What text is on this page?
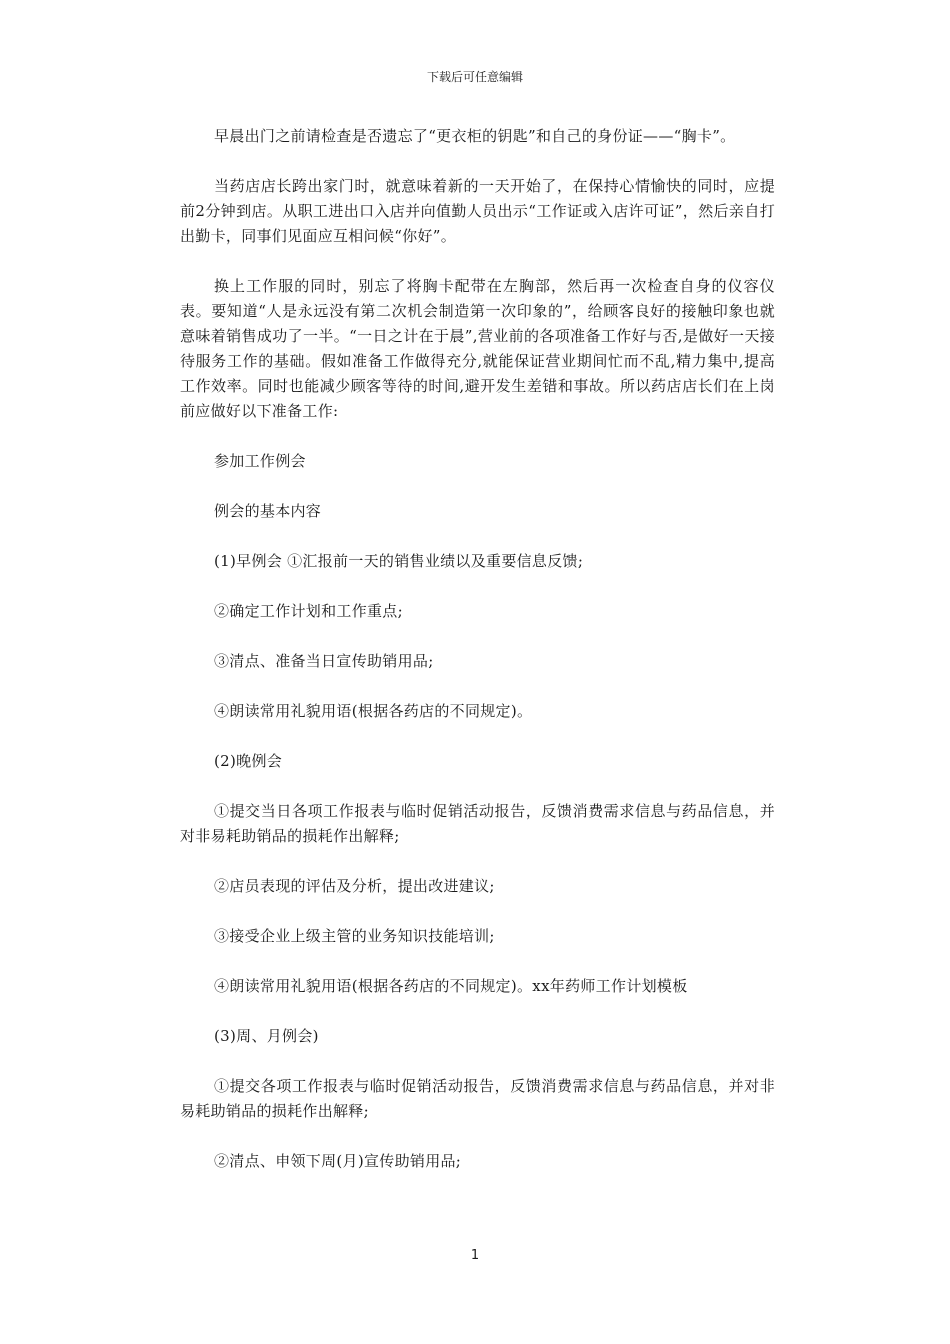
下载后可任意编辑

早晨出门之前请检查是否遗忘了“更衣柜的钥匙”和自己的身份证——“胸卡”。

当药店店长跨出家门时，就意味着新的一天开始了，在保持心情愉快的同时，应提前2分钟到店。从职工进出口入店并向值勤人员出示“工作证或入店许可证”，然后亲自打出勤卡，同事们见面应互相问候“你好”。

换上工作服的同时，别忘了将胸卡配带在左胸部，然后再一次检查自身的仪容仪表。要知道“人是永远没有第二次机会制造第一次印象的”，给顾客良好的接触印象也就意味着销售成功了一半。“一日之计在于晨”,营业前的各项准备工作好与否,是做好一天接待服务工作的基础。假如准备工作做得充分,就能保证营业期间忙而不乱,精力集中,提高工作效率。同时也能减少顾客等待的时间,避开发生差错和事故。所以药店店长们在上岗前应做好以下准备工作:

参加工作例会

例会的基本内容

(1)早例会 ①汇报前一天的销售业绩以及重要信息反馈;

②确定工作计划和工作重点;

③清点、准备当日宣传助销用品;

④朗读常用礼貌用语(根据各药店的不同规定)。

(2)晚例会

①提交当日各项工作报表与临时促销活动报告，反馈消费需求信息与药品信息，并对非易耗助销品的损耗作出解释;

②店员表现的评估及分析，提出改进建议;

③接受企业上级主管的业务知识技能培训;

④朗读常用礼貌用语(根据各药店的不同规定)。xx年药师工作计划模板

(3)周、月例会)

①提交各项工作报表与临时促销活动报告，反馈消费需求信息与药品信息，并对非易耗助销品的损耗作出解释;

②清点、申领下周(月)宣传助销用品;

1
